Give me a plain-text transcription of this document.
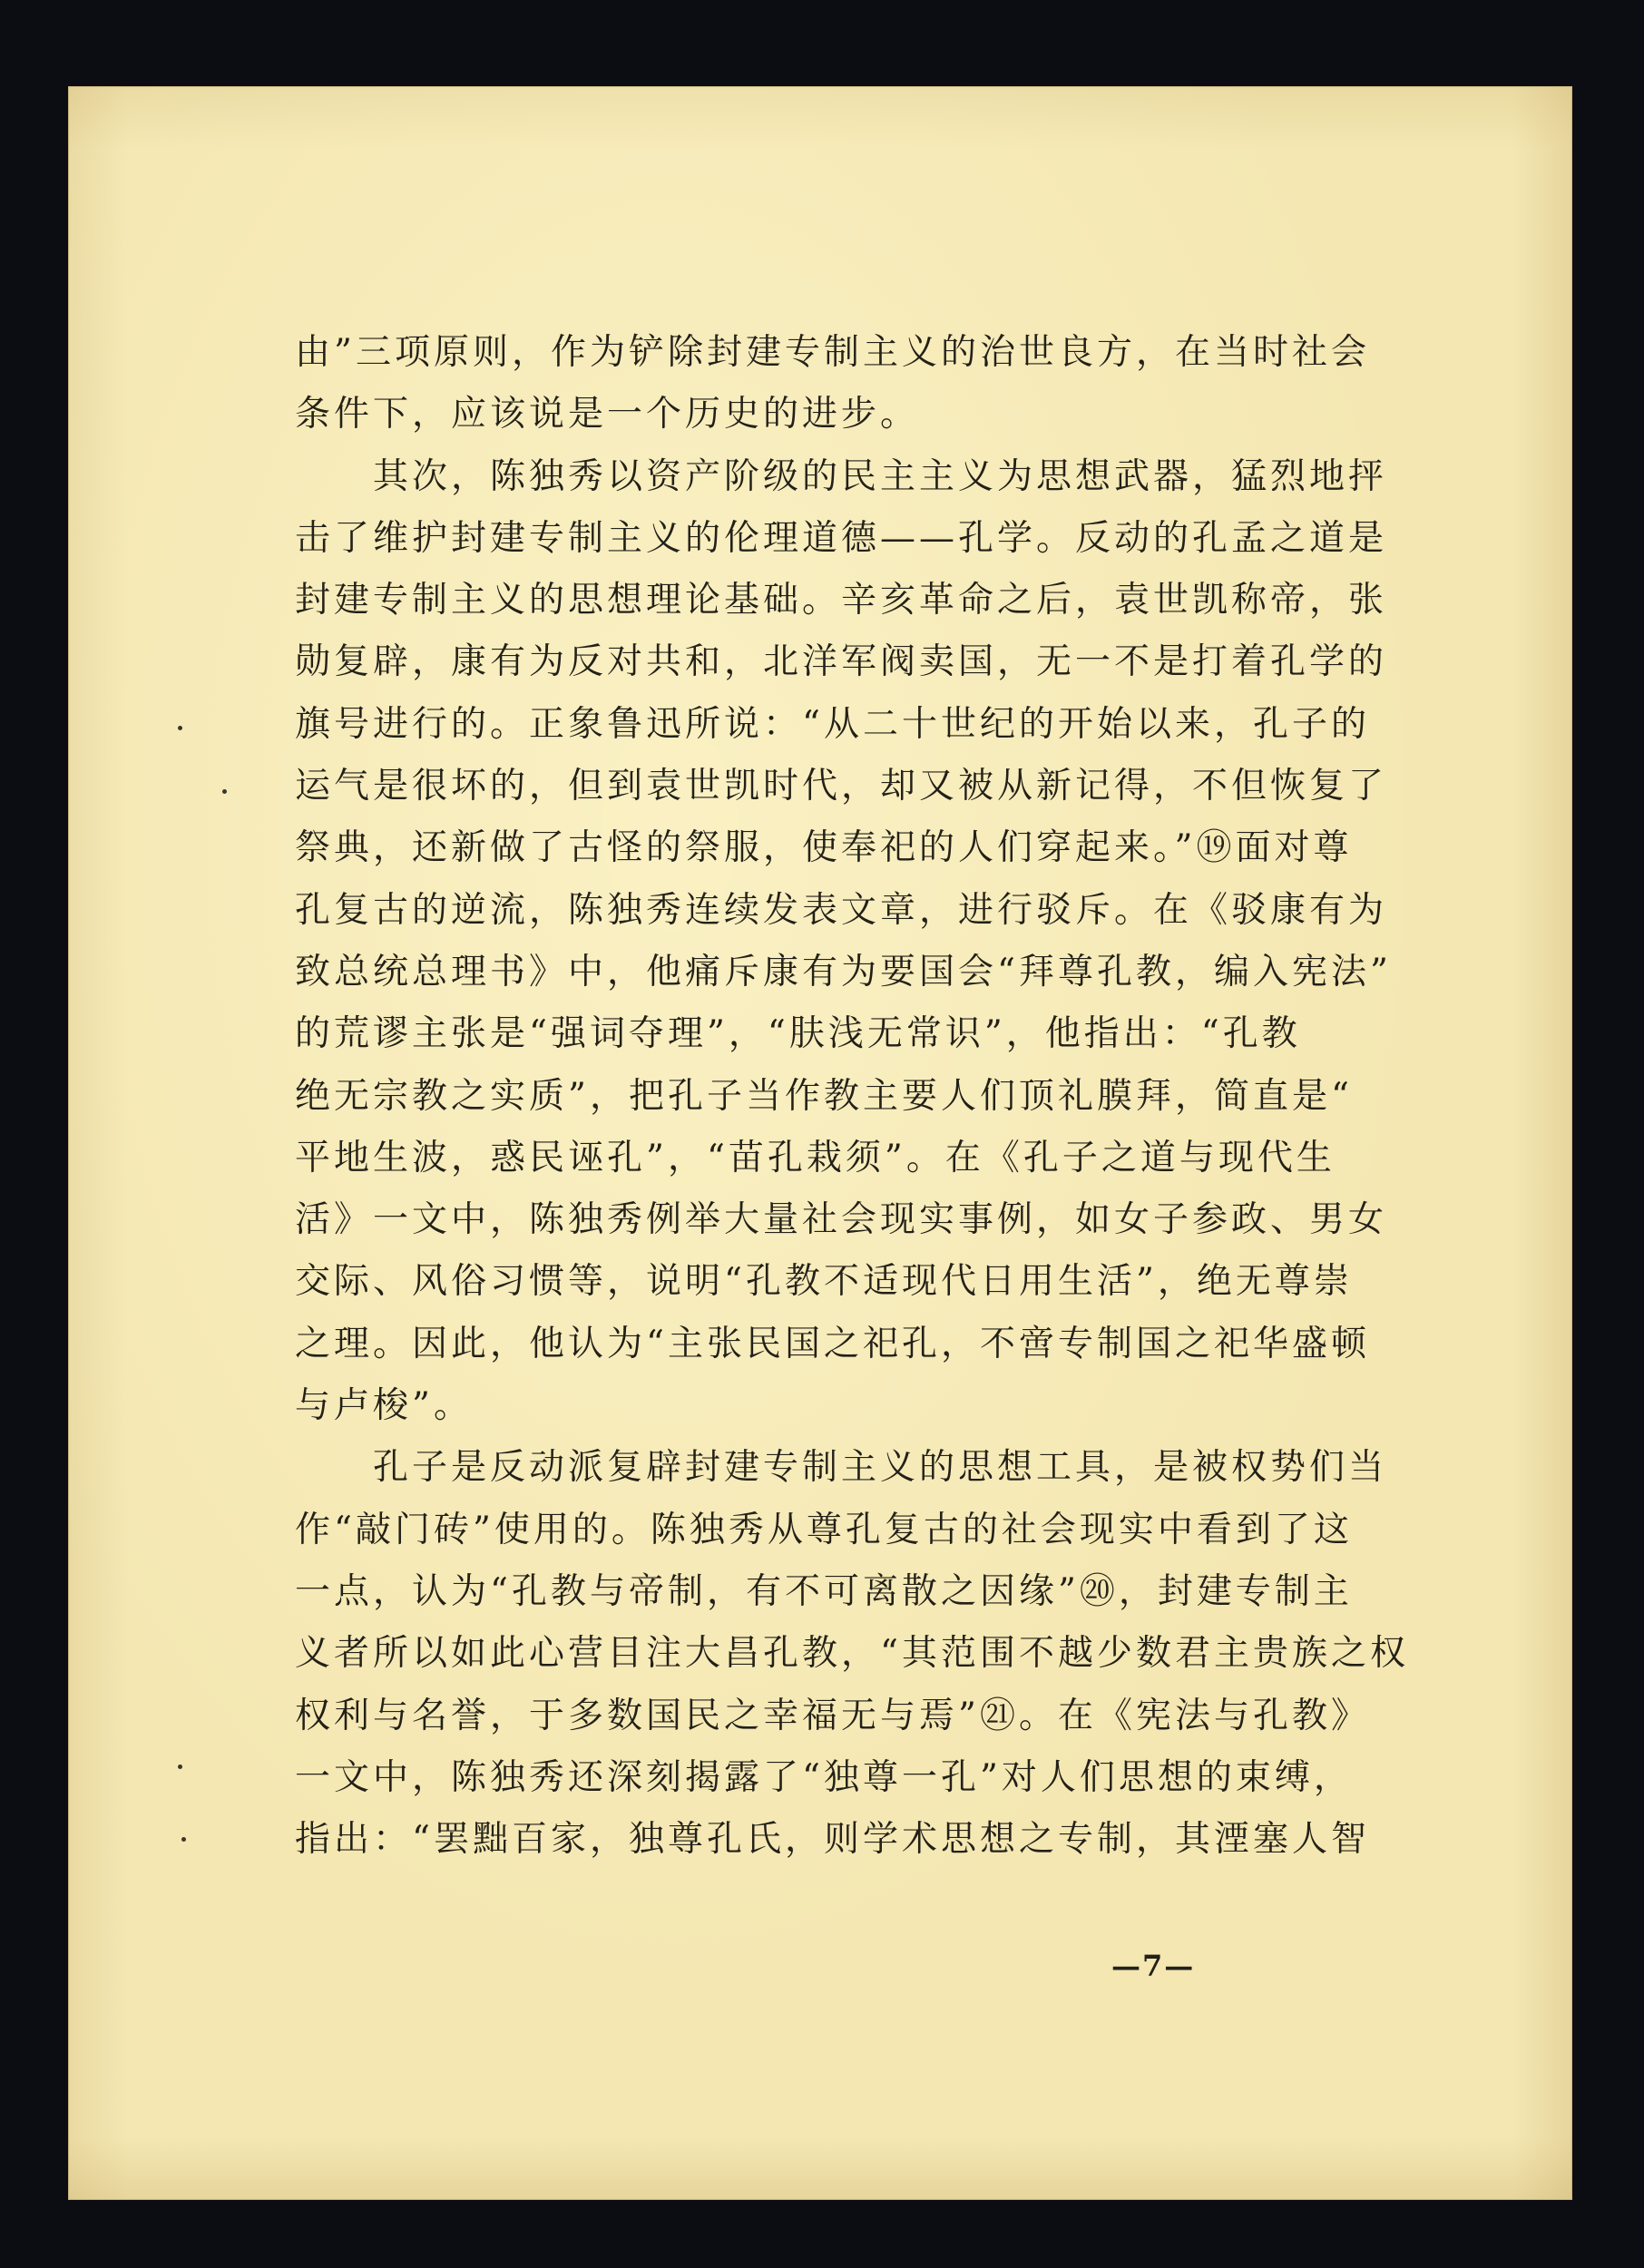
由”三项原则，作为铲除封建专制主义的治世良方，在当时社会
条件下，应该说是一个历史的进步。
　　其次，陈独秀以资产阶级的民主主义为思想武器，猛烈地抨
击了维护封建专制主义的伦理道德——孔学。反动的孔孟之道是
封建专制主义的思想理论基础。辛亥革命之后，袁世凯称帝，张
勋复辟，康有为反对共和，北洋军阀卖国，无一不是打着孔学的
旗号进行的。正象鲁迅所说：“从二十世纪的开始以来，孔子的
运气是很坏的，但到袁世凯时代，却又被从新记得，不但恢复了
祭典，还新做了古怪的祭服，使奉祀的人们穿起来。”⑲面对尊
孔复古的逆流，陈独秀连续发表文章，进行驳斥。在《驳康有为
致总统总理书》中，他痛斥康有为要国会“拜尊孔教，编入宪法”
的荒谬主张是“强词夺理”，“肤浅无常识”，他指出：“孔教
绝无宗教之实质”，把孔子当作教主要人们顶礼膜拜，简直是“
平地生波，惑民诬孔”，“苗孔栽须”。在《孔子之道与现代生
活》一文中，陈独秀例举大量社会现实事例，如女子参政、男女
交际、风俗习惯等，说明“孔教不适现代日用生活”，绝无尊崇
之理。因此，他认为“主张民国之祀孔，不啻专制国之祀华盛顿
与卢梭”。
　　孔子是反动派复辟封建专制主义的思想工具，是被权势们当
作“敲门砖”使用的。陈独秀从尊孔复古的社会现实中看到了这
一点，认为“孔教与帝制，有不可离散之因缘”⑳，封建专制主
义者所以如此心营目注大昌孔教，“其范围不越少数君主贵族之权
权利与名誉，于多数国民之幸福无与焉”㉑。在《宪法与孔教》
一文中，陈独秀还深刻揭露了“独尊一孔”对人们思想的束缚，
指出：“罢黜百家，独尊孔氏，则学术思想之专制，其湮塞人智
—7—
